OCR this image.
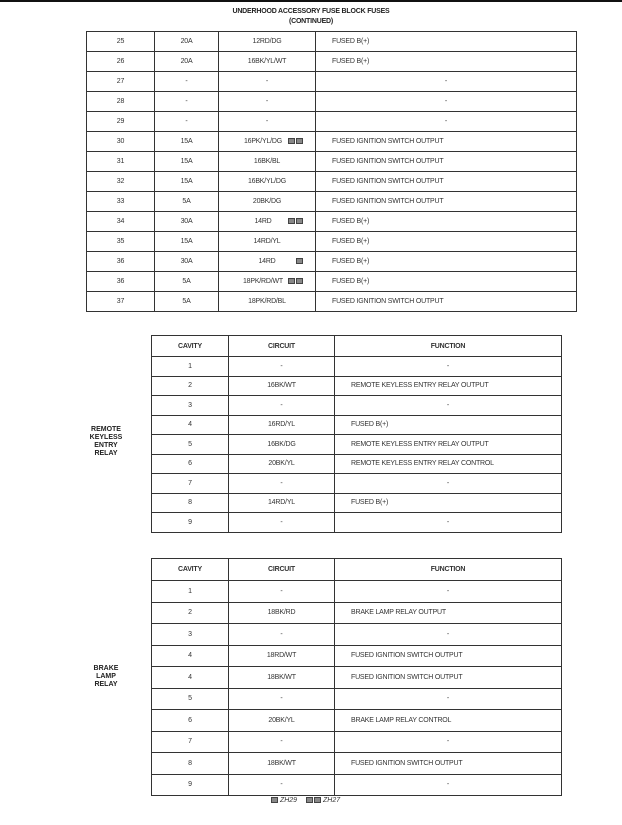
UNDERHOOD ACCESSORY FUSE BLOCK FUSES
(CONTINUED)
25	20A	12RD/DG	FUSED B(+)
26	20A	16BK/YL/WT	FUSED B(+)
27	-	-	-
28	-	-	-
29	-	-	-
30	15A	16PK/YL/DG	FUSED IGNITION SWITCH OUTPUT
31	15A	16BK/BL	FUSED IGNITION SWITCH OUTPUT
32	15A	16BK/YL/DG	FUSED IGNITION SWITCH OUTPUT
33	5A	20BK/DG	FUSED IGNITION SWITCH OUTPUT
34	30A	14RD	FUSED B(+)
35	15A	14RD/YL	FUSED B(+)
36	30A	14RD	FUSED B(+)
36	5A	18PK/RD/WT	FUSED B(+)
37	5A	18PK/RD/BL	FUSED IGNITION SWITCH OUTPUT
REMOTE
KEYLESS
ENTRY
RELAY
CAVITY	CIRCUIT	FUNCTION
1	-	-
2	16BK/WT	REMOTE KEYLESS ENTRY RELAY OUTPUT
3	-	-
4	16RD/YL	FUSED B(+)
5	16BK/DG	REMOTE KEYLESS ENTRY RELAY OUTPUT
6	20BK/YL	REMOTE KEYLESS ENTRY RELAY CONTROL
7	-	-
8	14RD/YL	FUSED B(+)
9	-	-
BRAKE
LAMP
RELAY
CAVITY	CIRCUIT	FUNCTION
1	-	-
2	18BK/RD	BRAKE LAMP RELAY OUTPUT
3	-	-
4	18RD/WT	FUSED IGNITION SWITCH OUTPUT
4	18BK/WT	FUSED IGNITION SWITCH OUTPUT
5	-	-
6	20BK/YL	BRAKE LAMP RELAY CONTROL
7	-	-
8	18BK/WT	FUSED IGNITION SWITCH OUTPUT
9	-	-
ZH29	ZH27
